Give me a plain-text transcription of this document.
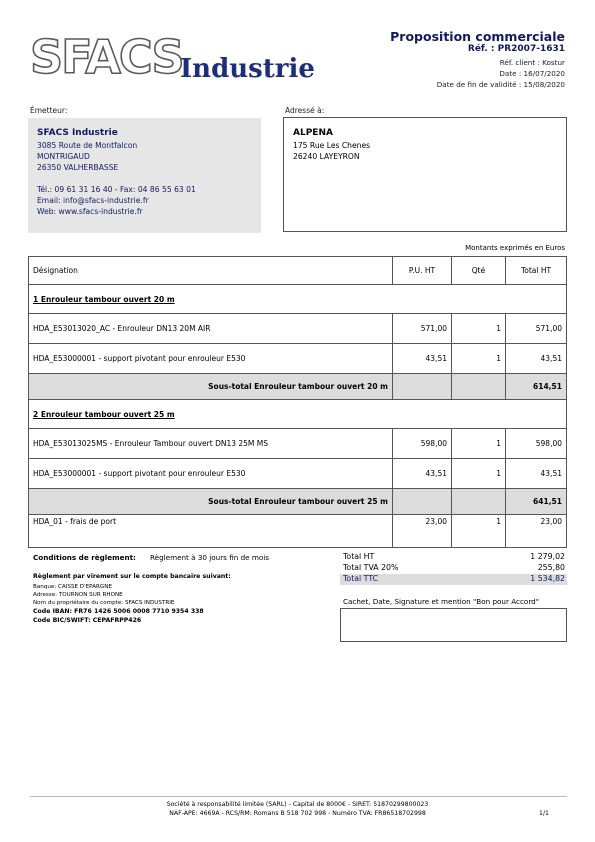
SFACS
Industrie
Proposition commerciale
Réf. : PR2007-1631
Réf. client : Kostur
Date : 16/07/2020
Date de fin de validité : 15/08/2020
Émetteur:
SFACS Industrie
3085 Route de Montfalcon
MONTRIGAUD
26350 VALHERBASSE
Tél.: 09 61 31 16 40 - Fax: 04 86 55 63 01
Email: info@sfacs-industrie.fr
Web: www.sfacs-industrie.fr
Adressé à:
ALPENA
175 Rue Les Chenes
26240 LAYEYRON
Montants exprimés en Euros
Désignation	P.U. HT	Qté	Total HT
1 Enrouleur tambour ouvert 20 m			
HDA_E53013020_AC - Enrouleur DN13 20M AIR	571,00	1	571,00
HDA_E53000001 - support pivotant pour enrouleur E530	43,51	1	43,51
Sous-total Enrouleur tambour ouvert 20 m			614,51
2 Enrouleur tambour ouvert 25 m			
HDA_E53013025MS - Enrouleur Tambour ouvert DN13 25M MS	598,00	1	598,00
HDA_E53000001 - support pivotant pour enrouleur E530	43,51	1	43,51
Sous-total Enrouleur tambour ouvert 25 m			641,51
HDA_01 - frais de port	23,00	1	23,00
Conditions de règlement: Règlement à 30 jours fin de mois
Règlement par virement sur le compte bancaire suivant:
Banque: CAISSE D'EPARGNE
Adresse: TOURNON SUR RHONE
Nom du propriétaire du compte: SFACS INDUSTRIE
Code IBAN: FR76 1426 5006 0008 7710 9354 338
Code BIC/SWIFT: CEPAFRPP426
Total HT	1 279,02
Total TVA 20%	255,80
Total TTC	1 534,82
Cachet, Date, Signature et mention "Bon pour Accord"
Société à responsabilité limitée (SARL) - Capital de 8000€ - SIRET: 51870299800023
NAF-APE: 4669A - RCS/RM: Romans B 518 702 998 - Numéro TVA: FR86518702998	1/1
